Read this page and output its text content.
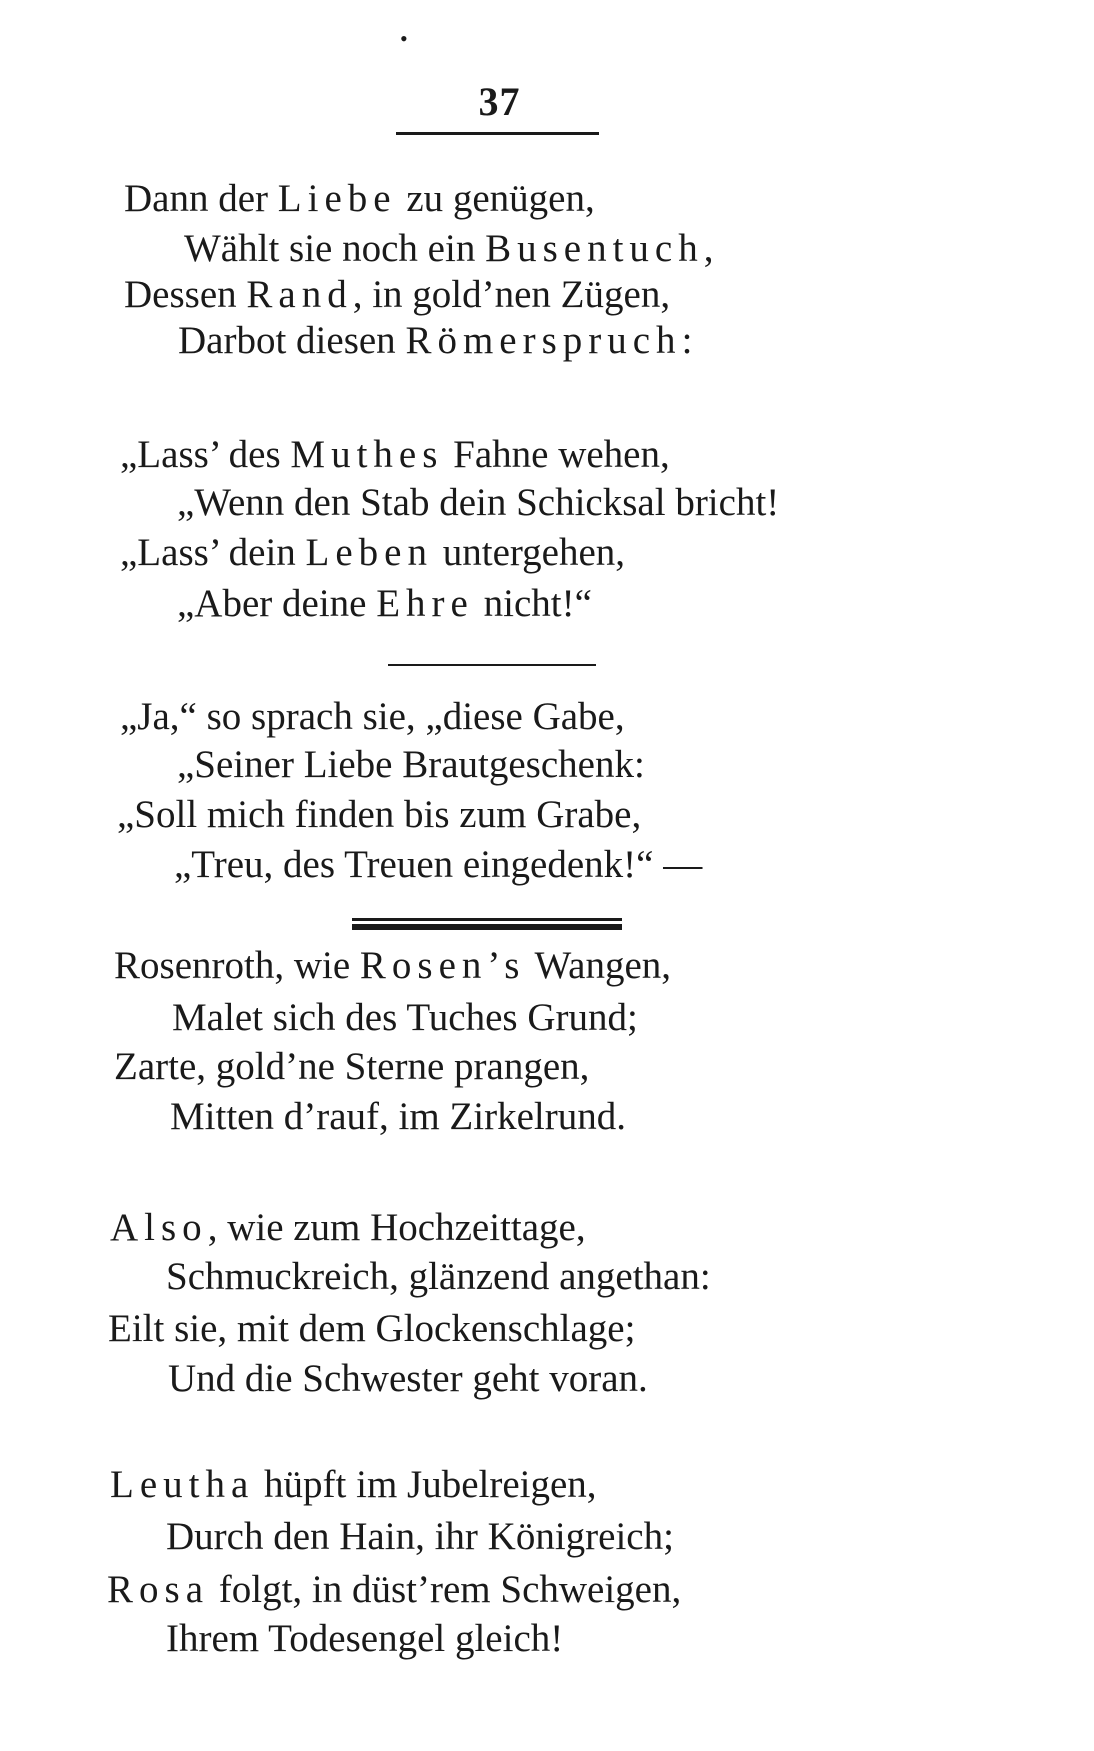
•
37
Dann der Liebe zu genügen,
Wählt sie noch ein Busentuch,
Dessen Rand, in gold’nen Zügen,
Darbot diesen Römerspruch:
„Lass’ des Muthes Fahne wehen,
„Wenn den Stab dein Schicksal bricht!
„Lass’ dein Leben untergehen,
„Aber deine Ehre nicht!“
„Ja,“ so sprach sie, „diese Gabe,
„Seiner Liebe Brautgeschenk:
„Soll mich finden bis zum Grabe,
„Treu, des Treuen eingedenk!“ —
Rosenroth, wie Rosen’s Wangen,
Malet sich des Tuches Grund;
Zarte, gold’ne Sterne prangen,
Mitten d’rauf, im Zirkelrund.
Also, wie zum Hochzeittage,
Schmuckreich, glänzend angethan:
Eilt sie, mit dem Glockenschlage;
Und die Schwester geht voran.
Leutha hüpft im Jubelreigen,
Durch den Hain, ihr Königreich;
Rosa folgt, in düst’rem Schweigen,
Ihrem Todesengel gleich!
